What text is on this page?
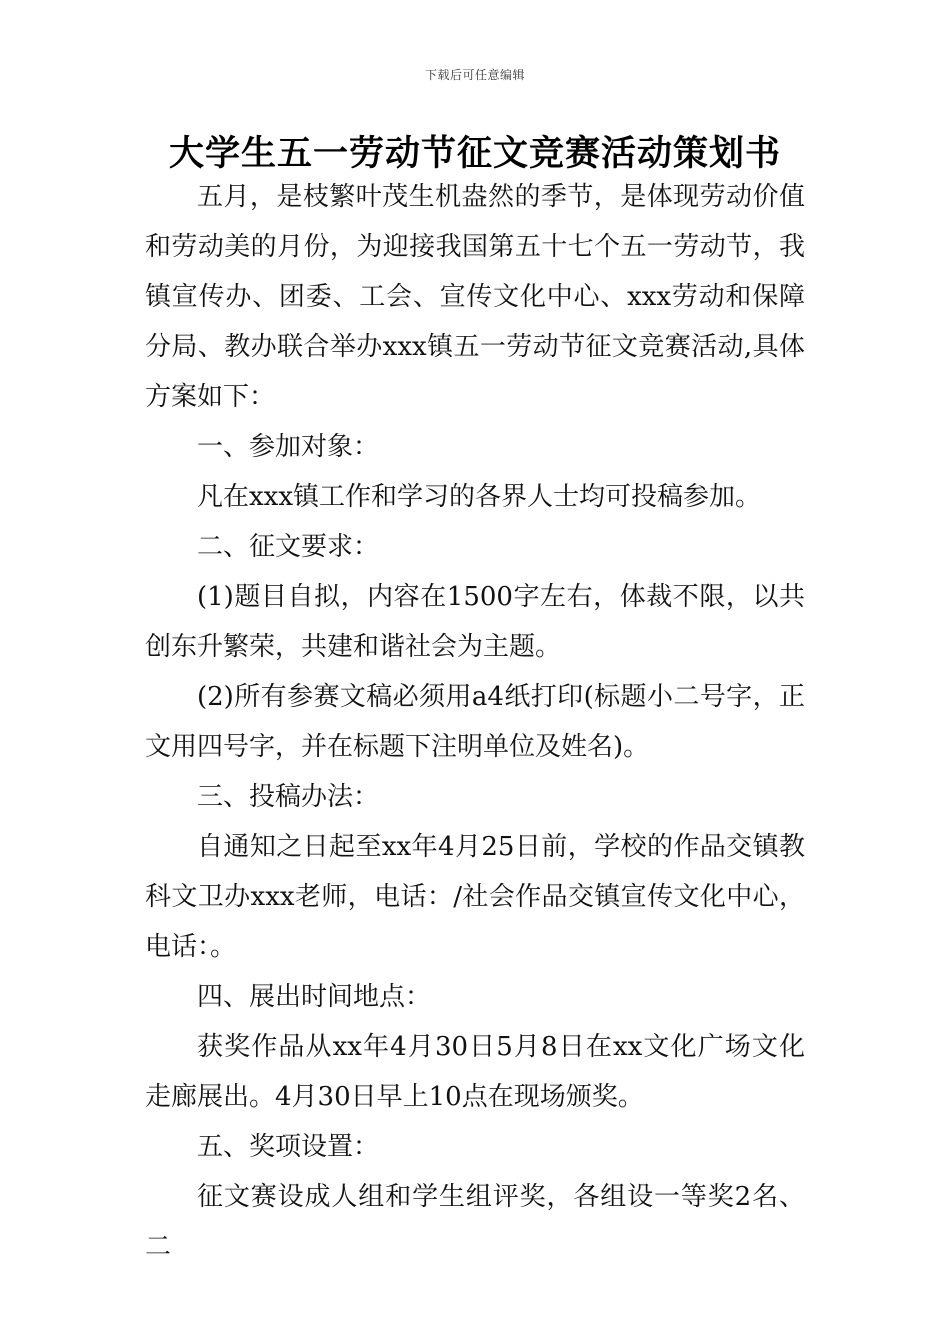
下载后可任意编辑
大学生五一劳动节征文竞赛活动策划书

五月，是枝繁叶茂生机盎然的季节，是体现劳动价值和劳动美的月份，为迎接我国第五十七个五一劳动节，我镇宣传办、团委、工会、宣传文化中心、xxx劳动和保障分局、教办联合举办xxx镇五一劳动节征文竞赛活动,具体方案如下：

一、参加对象：

凡在xxx镇工作和学习的各界人士均可投稿参加。

二、征文要求：

(1)题目自拟，内容在1500字左右，体裁不限，以共创东升繁荣，共建和谐社会为主题。

(2)所有参赛文稿必须用a4纸打印(标题小二号字，正文用四号字，并在标题下注明单位及姓名)。

三、投稿办法：

自通知之日起至xx年4月25日前，学校的作品交镇教科文卫办xxx老师，电话：/社会作品交镇宣传文化中心，电话：。

四、展出时间地点：

获奖作品从xx年4月30日5月8日在xx文化广场文化走廊展出。4月30日早上10点在现场颁奖。

五、奖项设置：

征文赛设成人组和学生组评奖，各组设一等奖2名、二
